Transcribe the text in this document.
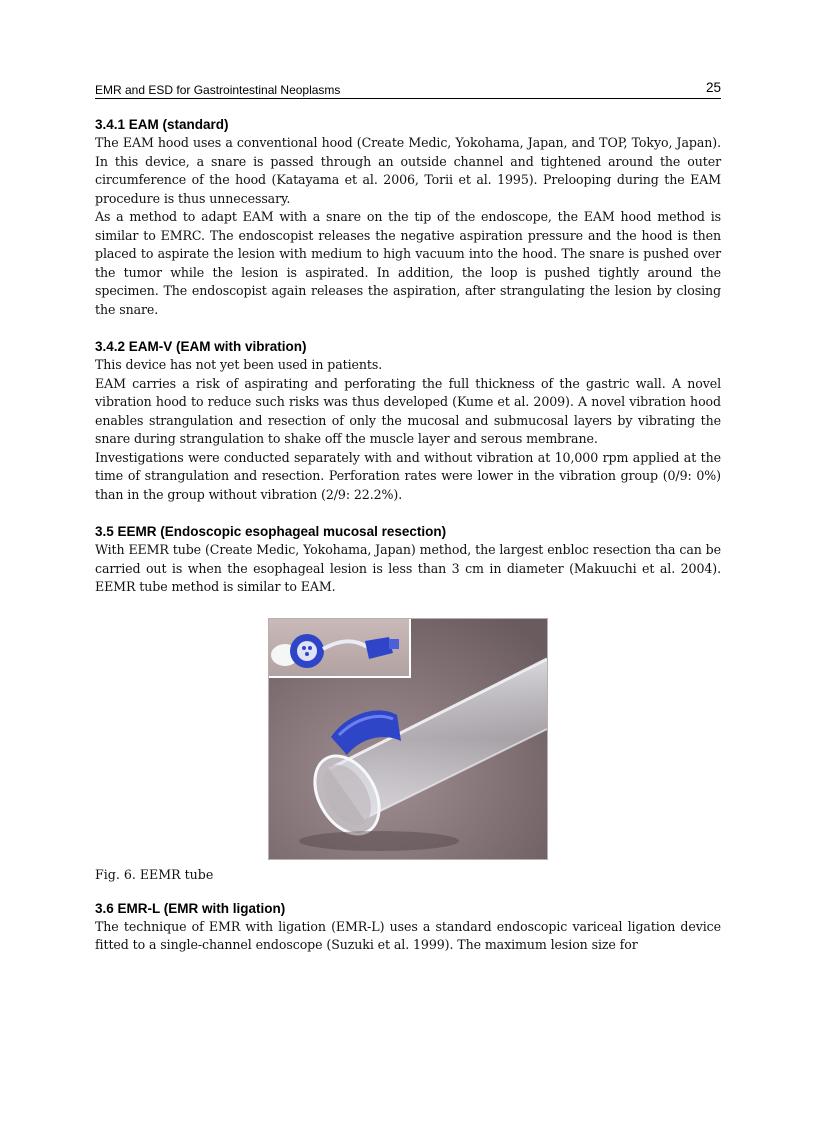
EMR and ESD for Gastrointestinal Neoplasms	25
3.4.1 EAM (standard)

The EAM hood uses a conventional hood (Create Medic, Yokohama, Japan, and TOP, Tokyo, Japan). In this device, a snare is passed through an outside channel and tightened around the outer circumference of the hood (Katayama et al. 2006, Torii et al. 1995). Prelooping during the EAM procedure is thus unnecessary.

As a method to adapt EAM with a snare on the tip of the endoscope, the EAM hood method is similar to EMRC. The endoscopist releases the negative aspiration pressure and the hood is then placed to aspirate the lesion with medium to high vacuum into the hood. The snare is pushed over the tumor while the lesion is aspirated. In addition, the loop is pushed tightly around the specimen. The endoscopist again releases the aspiration, after strangulating the lesion by closing the snare.

3.4.2 EAM-V (EAM with vibration)

This device has not yet been used in patients.

EAM carries a risk of aspirating and perforating the full thickness of the gastric wall. A novel vibration hood to reduce such risks was thus developed (Kume et al. 2009). A novel vibration hood enables strangulation and resection of only the mucosal and submucosal layers by vibrating the snare during strangulation to shake off the muscle layer and serous membrane.

Investigations were conducted separately with and without vibration at 10,000 rpm applied at the time of strangulation and resection. Perforation rates were lower in the vibration group (0/9: 0%) than in the group without vibration (2/9: 22.2%).

3.5 EEMR (Endoscopic esophageal mucosal resection)

With EEMR tube (Create Medic, Yokohama, Japan) method, the largest enbloc resection tha can be carried out is when the esophageal lesion is less than 3 cm in diameter (Makuuchi et al. 2004). EEMR tube method is similar to EAM.

Fig. 6. EEMR tube
3.6 EMR-L (EMR with ligation)

The technique of EMR with ligation (EMR-L) uses a standard endoscopic variceal ligation device fitted to a single-channel endoscope (Suzuki et al. 1999). The maximum lesion size for
